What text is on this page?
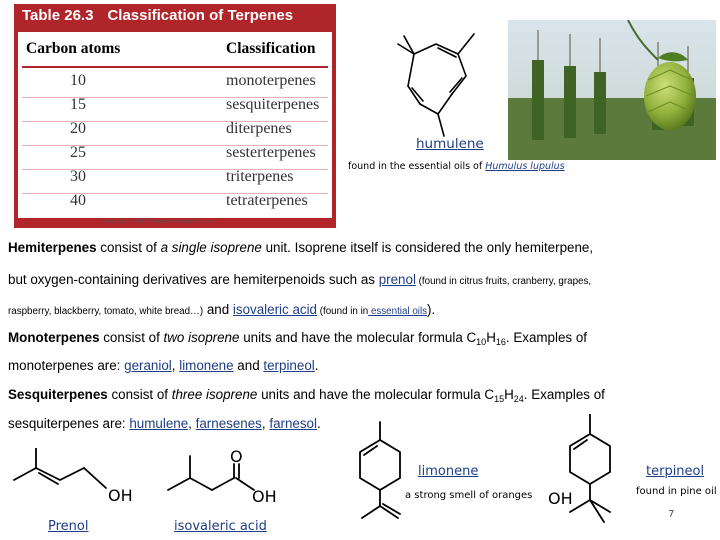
Table 26.3 Classification of Terpenes
Carbon atoms	Classification
10	monoterpenes
15	sesquiterpenes
20	diterpenes
25	sesterterpenes
30	triterpenes
40	tetraterpenes
Copyright © 2007 Pearson Prentice Hall, Inc.
humulene
found in the essential oils of Humulus lupulus
Hemiterpenes consist of a single isoprene unit. Isoprene itself is considered the only hemiterpene,
but oxygen-containing derivatives are hemiterpenoids such as prenol (found in citrus fruits, cranberry, grapes,
raspberry, blackberry, tomato, white bread…) and isovaleric acid (found in in essential oils).
Monoterpenes consist of two isoprene units and have the molecular formula $C_{10}H_{16}$. Examples of
monoterpenes are: geraniol, limonene and terpineol.
Sesquiterpenes consist of three isoprene units and have the molecular formula $C_{15}H_{24}$. Examples of
sesquiterpenes are: humulene, farnesenes, farnesol.
OH
Prenol
O
OH
isovaleric acid
limonene
a strong smell of oranges OH
terpineol
found in pine oil
7
